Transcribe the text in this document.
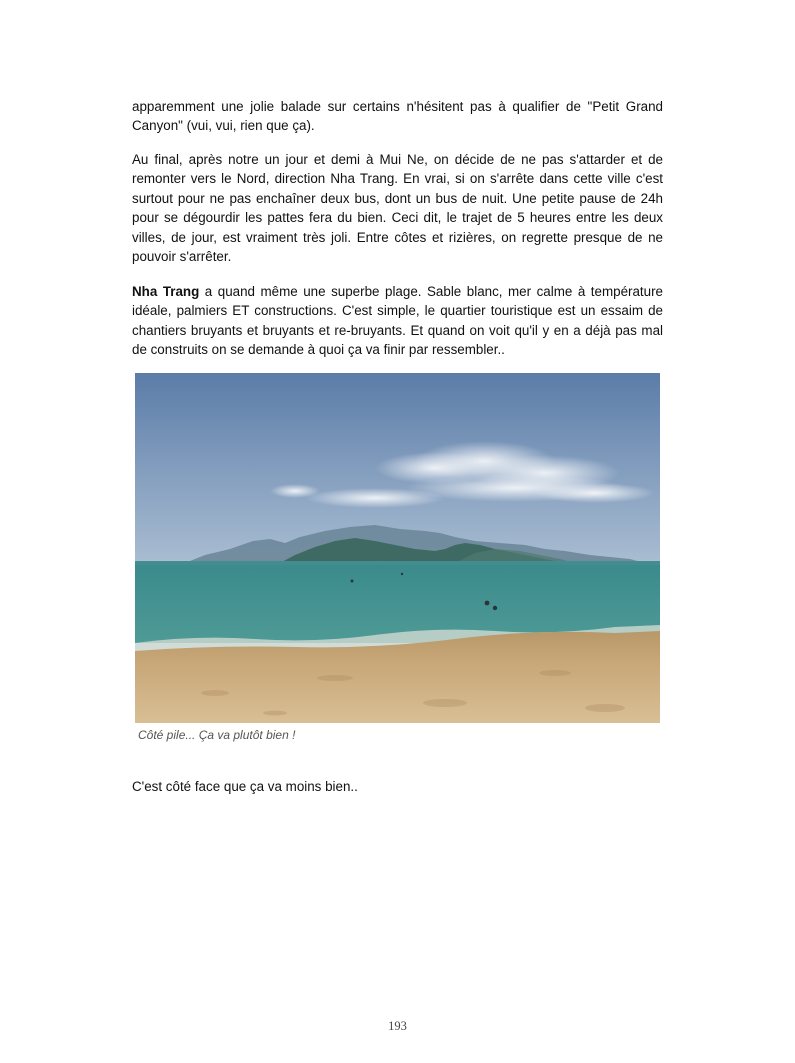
apparemment une jolie balade sur certains n'hésitent pas à qualifier de "Petit Grand Canyon" (vui, vui, rien que ça).

Au final, après notre un jour et demi à Mui Ne, on décide de ne pas s'attarder et de remonter vers le Nord, direction Nha Trang. En vrai, si on s'arrête dans cette ville c'est surtout pour ne pas enchaîner deux bus, dont un bus de nuit. Une petite pause de 24h pour se dégourdir les pattes fera du bien. Ceci dit, le trajet de 5 heures entre les deux villes, de jour, est vraiment très joli. Entre côtes et rizières, on regrette presque de ne pouvoir s'arrêter.

Nha Trang a quand même une superbe plage. Sable blanc, mer calme à température idéale, palmiers ET constructions. C'est simple, le quartier touristique est un essaim de chantiers bruyants et bruyants et re-bruyants. Et quand on voit qu'il y en a déjà pas mal de construits on se demande à quoi ça va finir par ressembler..

Côté pile... Ça va plutôt bien !

C'est côté face que ça va moins bien..

193
